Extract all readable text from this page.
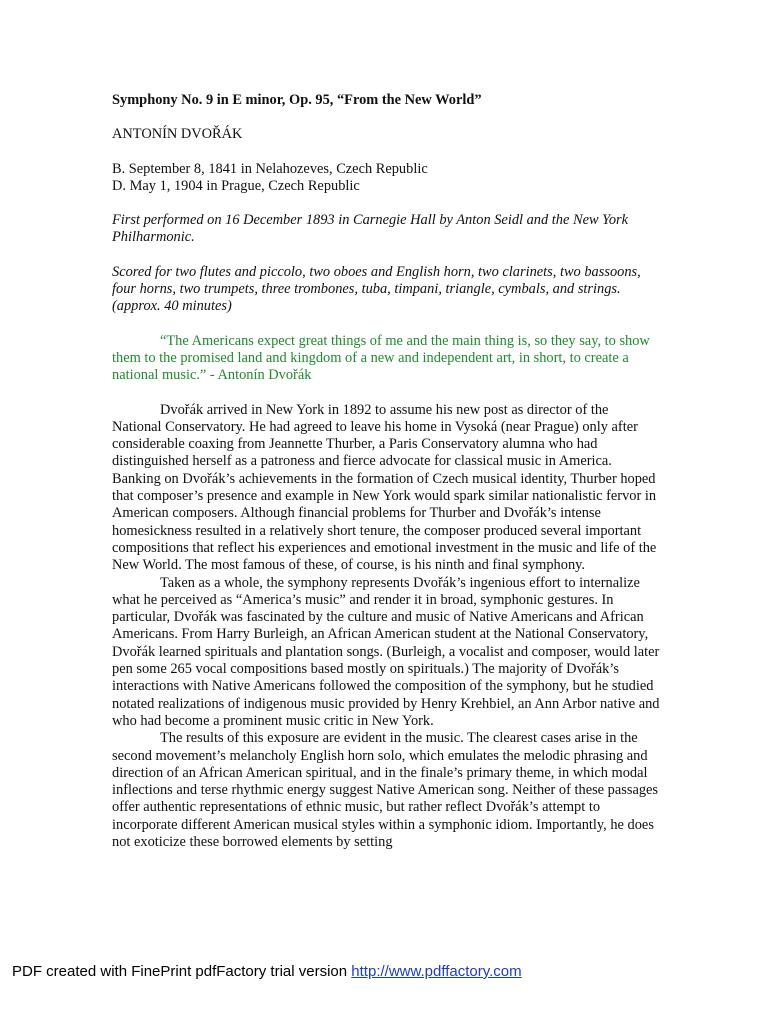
Symphony No. 9 in E minor, Op. 95, “From the New World”

ANTONÍN DVOŘÁK

B. September 8, 1841 in Nelahozeves, Czech Republic
D. May 1, 1904 in Prague, Czech Republic

First performed on 16 December 1893 in Carnegie Hall by Anton Seidl and the New York Philharmonic.

Scored for two flutes and piccolo, two oboes and English horn, two clarinets, two bassoons, four horns, two trumpets, three trombones, tuba, timpani, triangle, cymbals, and strings. (approx. 40 minutes)

“The Americans expect great things of me and the main thing is, so they say, to show them to the promised land and kingdom of a new and independent art, in short, to create a national music.” - Antonín Dvořák

Dvořák arrived in New York in 1892 to assume his new post as director of the National Conservatory. He had agreed to leave his home in Vysoká (near Prague) only after considerable coaxing from Jeannette Thurber, a Paris Conservatory alumna who had distinguished herself as a patroness and fierce advocate for classical music in America. Banking on Dvořák’s achievements in the formation of Czech musical identity, Thurber hoped that composer’s presence and example in New York would spark similar nationalistic fervor in American composers. Although financial problems for Thurber and Dvořák’s intense homesickness resulted in a relatively short tenure, the composer produced several important compositions that reflect his experiences and emotional investment in the music and life of the New World. The most famous of these, of course, is his ninth and final symphony.

Taken as a whole, the symphony represents Dvořák’s ingenious effort to internalize what he perceived as “America’s music” and render it in broad, symphonic gestures. In particular, Dvořák was fascinated by the culture and music of Native Americans and African Americans. From Harry Burleigh, an African American student at the National Conservatory, Dvořák learned spirituals and plantation songs. (Burleigh, a vocalist and composer, would later pen some 265 vocal compositions based mostly on spirituals.) The majority of Dvořák’s interactions with Native Americans followed the composition of the symphony, but he studied notated realizations of indigenous music provided by Henry Krehbiel, an Ann Arbor native and who had become a prominent music critic in New York.

The results of this exposure are evident in the music. The clearest cases arise in the second movement’s melancholy English horn solo, which emulates the melodic phrasing and direction of an African American spiritual, and in the finale’s primary theme, in which modal inflections and terse rhythmic energy suggest Native American song. Neither of these passages offer authentic representations of ethnic music, but rather reflect Dvořák’s attempt to incorporate different American musical styles within a symphonic idiom. Importantly, he does not exoticize these borrowed elements by setting

PDF created with FinePrint pdfFactory trial version http://www.pdffactory.com
